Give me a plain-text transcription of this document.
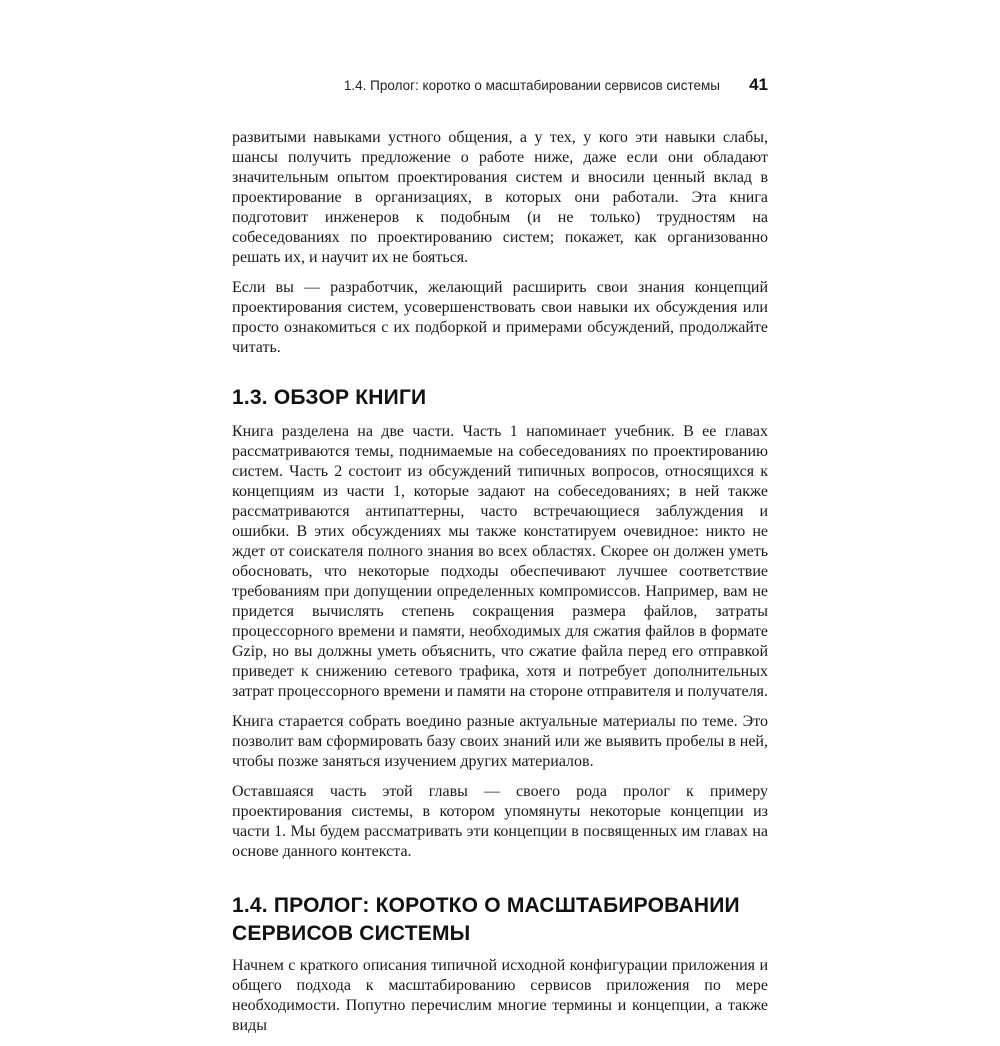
1.4. Пролог: коротко о масштабировании сервисов системы 41

развитыми навыками устного общения, а у тех, у кого эти навыки слабы, шансы получить предложение о работе ниже, даже если они обладают значительным опытом проектирования систем и вносили ценный вклад в проектирование в организациях, в которых они работали. Эта книга подготовит инженеров к подобным (и не только) трудностям на собеседованиях по проектированию систем; покажет, как организованно решать их, и научит их не бояться.

Если вы — разработчик, желающий расширить свои знания концепций проектирования систем, усовершенствовать свои навыки их обсуждения или просто ознакомиться с их подборкой и примерами обсуждений, продолжайте читать.

1.3. ОБЗОР КНИГИ

Книга разделена на две части. Часть 1 напоминает учебник. В ее главах рассматриваются темы, поднимаемые на собеседованиях по проектированию систем. Часть 2 состоит из обсуждений типичных вопросов, относящихся к концепциям из части 1, которые задают на собеседованиях; в ней также рассматриваются антипаттерны, часто встречающиеся заблуждения и ошибки. В этих обсуждениях мы также констатируем очевидное: никто не ждет от соискателя полного знания во всех областях. Скорее он должен уметь обосновать, что некоторые подходы обеспечивают лучшее соответствие требованиям при допущении определенных компромиссов. Например, вам не придется вычислять степень сокращения размера файлов, затраты процессорного времени и памяти, необходимых для сжатия файлов в формате Gzip, но вы должны уметь объяснить, что сжатие файла перед его отправкой приведет к снижению сетевого трафика, хотя и потребует дополнительных затрат процессорного времени и памяти на стороне отправителя и получателя.

Книга старается собрать воедино разные актуальные материалы по теме. Это позволит вам сформировать базу своих знаний или же выявить пробелы в ней, чтобы позже заняться изучением других материалов.

Оставшаяся часть этой главы — своего рода пролог к примеру проектирования системы, в котором упомянуты некоторые концепции из части 1. Мы будем рассматривать эти концепции в посвященных им главах на основе данного контекста.

1.4. ПРОЛОГ: КОРОТКО О МАСШТАБИРОВАНИИ СЕРВИСОВ СИСТЕМЫ

Начнем с краткого описания типичной исходной конфигурации приложения и общего подхода к масштабированию сервисов приложения по мере необходимости. Попутно перечислим многие термины и концепции, а также виды
